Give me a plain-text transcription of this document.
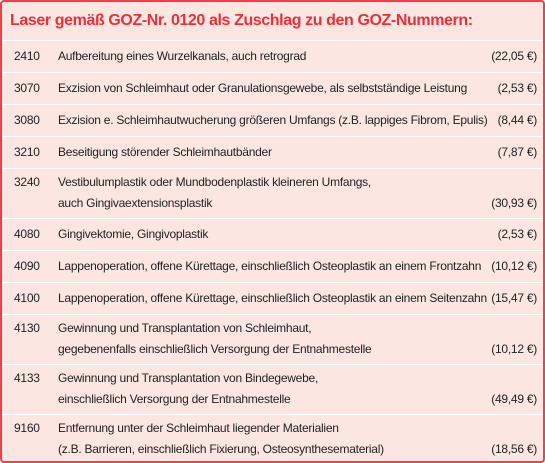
Laser gemäß GOZ-Nr. 0120 als Zuschlag zu den GOZ-Nummern:
2410 Aufbereitung eines Wurzelkanals, auch retrograd	(22,05 €)
3070 Exzision von Schleimhaut oder Granulationsgewebe, als selbstständige Leistung	(2,53 €)
3080 Exzision e. Schleimhautwucherung größeren Umfangs (z.B. lappiges Fibrom, Epulis) (8,44 €)
3210 Beseitigung störender Schleimhautbänder	(7,87 €)
3240 Vestibulumplastik oder Mundbodenplastik kleineren Umfangs,
auch Gingivaextensionsplastik	(30,93 €)
4080 Gingivektomie, Gingivoplastik	(2,53 €)
4090 Lappenoperation, offene Kürettage, einschließlich Osteoplastik an einem Frontzahn (10,12 €)
4100 Lappenoperation, offene Kürettage, einschließlich Osteoplastik an einem Seitenzahn (15,47 €)
4130 Gewinnung und Transplantation von Schleimhaut,
gegebenenfalls einschließlich Versorgung der Entnahmestelle	(10,12 €)
4133 Gewinnung und Transplantation von Bindegewebe,
einschließlich Versorgung der Entnahmestelle	(49,49 €)
9160 Entfernung unter der Schleimhaut liegender Materialien
(z.B. Barrieren, einschließlich Fixierung, Osteosynthesematerial)	(18,56 €)
